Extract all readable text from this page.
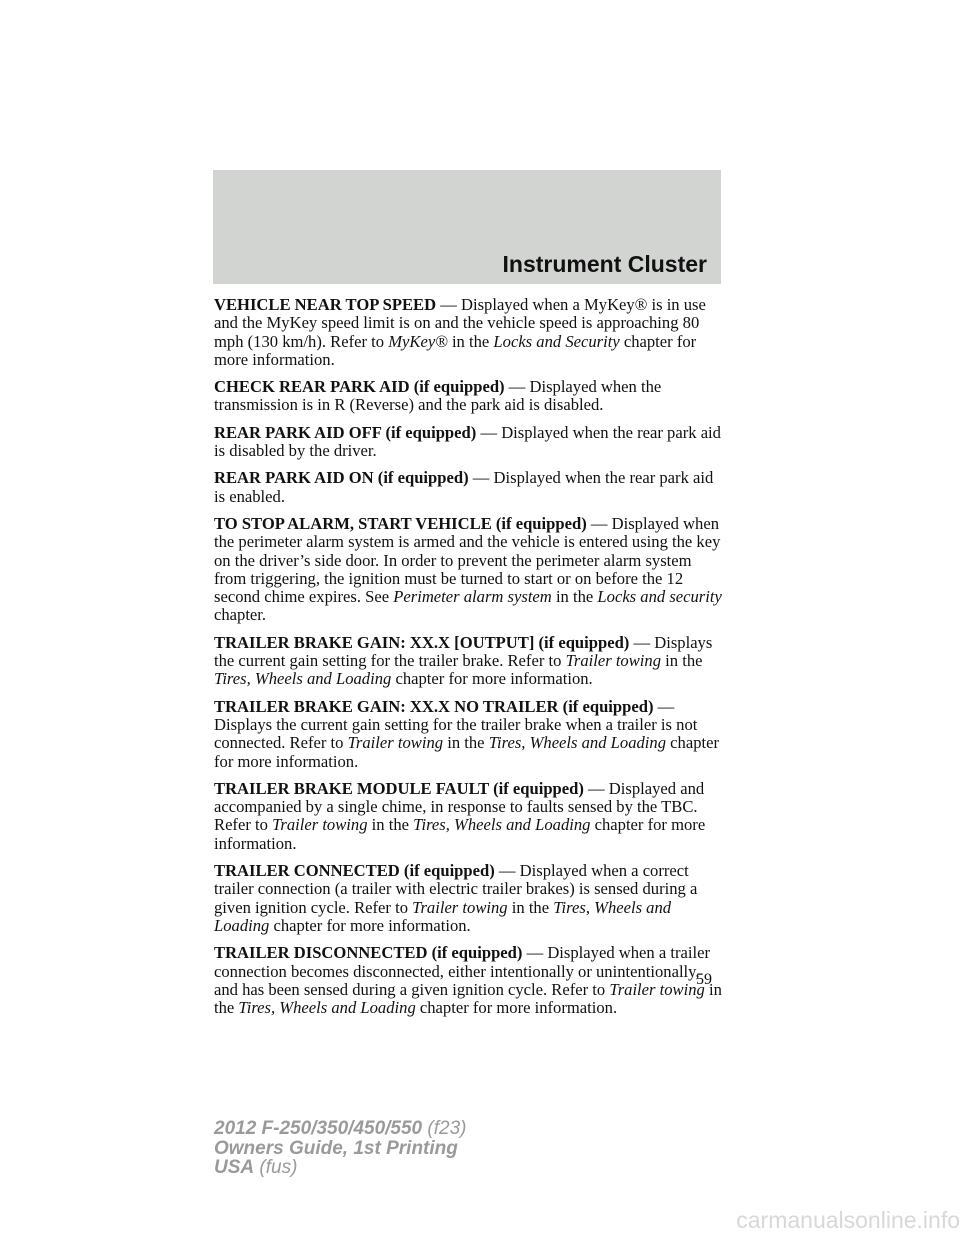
Instrument Cluster

VEHICLE NEAR TOP SPEED — Displayed when a MyKey® is in use and the MyKey speed limit is on and the vehicle speed is approaching 80 mph (130 km/h). Refer to MyKey® in the Locks and Security chapter for more information.

CHECK REAR PARK AID (if equipped) — Displayed when the transmission is in R (Reverse) and the park aid is disabled.

REAR PARK AID OFF (if equipped) — Displayed when the rear park aid is disabled by the driver.

REAR PARK AID ON (if equipped) — Displayed when the rear park aid is enabled.

TO STOP ALARM, START VEHICLE (if equipped) — Displayed when the perimeter alarm system is armed and the vehicle is entered using the key on the driver’s side door. In order to prevent the perimeter alarm system from triggering, the ignition must be turned to start or on before the 12 second chime expires. See Perimeter alarm system in the Locks and security chapter.

TRAILER BRAKE GAIN: XX.X [OUTPUT] (if equipped) — Displays the current gain setting for the trailer brake. Refer to Trailer towing in the Tires, Wheels and Loading chapter for more information.

TRAILER BRAKE GAIN: XX.X NO TRAILER (if equipped) — Displays the current gain setting for the trailer brake when a trailer is not connected. Refer to Trailer towing in the Tires, Wheels and Loading chapter for more information.

TRAILER BRAKE MODULE FAULT (if equipped) — Displayed and accompanied by a single chime, in response to faults sensed by the TBC. Refer to Trailer towing in the Tires, Wheels and Loading chapter for more information.

TRAILER CONNECTED (if equipped) — Displayed when a correct trailer connection (a trailer with electric trailer brakes) is sensed during a given ignition cycle. Refer to Trailer towing in the Tires, Wheels and Loading chapter for more information.

TRAILER DISCONNECTED (if equipped) — Displayed when a trailer connection becomes disconnected, either intentionally or unintentionally, and has been sensed during a given ignition cycle. Refer to Trailer towing in the Tires, Wheels and Loading chapter for more information.

59
2012 F-250/350/450/550 (f23)
Owners Guide, 1st Printing
USA (fus)
carmanualsonline.info
